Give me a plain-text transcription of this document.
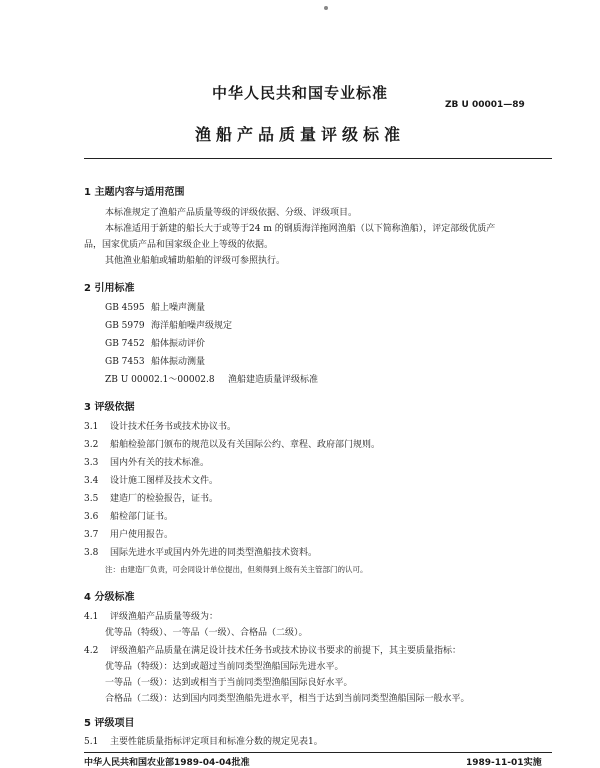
中华人民共和国专业标准
ZB U 00001—89
渔船产品质量评级标准
1 主题内容与适用范围
本标准规定了渔船产品质量等级的评级依据、分级、评级项目。
本标准适用于新建的船长大于或等于24 m 的钢质海洋拖网渔船（以下简称渔船），评定部级优质产
品，国家优质产品和国家级企业上等级的依据。
其他渔业船舶或辅助船舶的评级可参照执行。
2 引用标准
GB 4595 船上噪声测量
GB 5979 海洋船舶噪声级规定
GB 7452 船体振动评价
GB 7453 船体振动测量
ZB U 00002.1～00002.8 渔船建造质量评级标准
3 评级依据
3.1 设计技术任务书或技术协议书。
3.2 船舶检验部门颁布的规范以及有关国际公约、章程、政府部门规则。
3.3 国内外有关的技术标准。
3.4 设计施工图样及技术文件。
3.5 建造厂的检验报告，证书。
3.6 船检部门证书。
3.7 用户使用报告。
3.8 国际先进水平或国内外先进的同类型渔船技术资料。
注：由建造厂负责，可会同设计单位提出，但须得到上级有关主管部门的认可。
4 分级标准
4.1 评级渔船产品质量等级为：
优等品（特级）、一等品（一级）、合格品（二级）。
4.2 评级渔船产品质量在满足设计技术任务书或技术协议书要求的前提下，其主要质量指标：
优等品（特级）：达到或超过当前同类型渔船国际先进水平。
一等品（一级）：达到或相当于当前同类型渔船国际良好水平。
合格品（二级）：达到国内同类型渔船先进水平，相当于达到当前同类型渔船国际一般水平。
5 评级项目
5.1 主要性能质量指标评定项目和标准分数的规定见表1。
中华人民共和国农业部1989-04-04批准	1989-11-01实施
